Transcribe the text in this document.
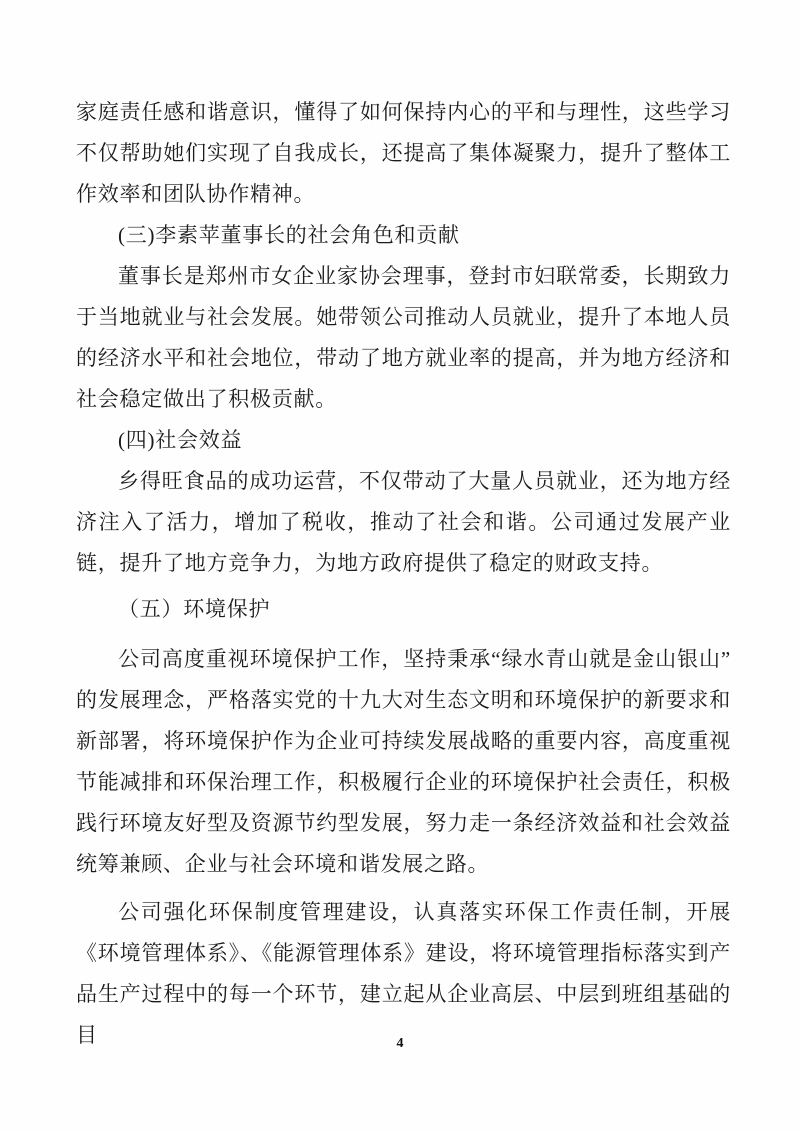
家庭责任感和谐意识，懂得了如何保持内心的平和与理性，这些学习不仅帮助她们实现了自我成长，还提高了集体凝聚力，提升了整体工作效率和团队协作精神。

(三)李素苹董事长的社会角色和贡献

董事长是郑州市女企业家协会理事，登封市妇联常委，长期致力于当地就业与社会发展。她带领公司推动人员就业，提升了本地人员的经济水平和社会地位，带动了地方就业率的提高，并为地方经济和社会稳定做出了积极贡献。

(四)社会效益

乡得旺食品的成功运营，不仅带动了大量人员就业，还为地方经济注入了活力，增加了税收，推动了社会和谐。公司通过发展产业链，提升了地方竞争力，为地方政府提供了稳定的财政支持。

（五）环境保护

公司高度重视环境保护工作，坚持秉承“绿水青山就是金山银山”的发展理念，严格落实党的十九大对生态文明和环境保护的新要求和新部署，将环境保护作为企业可持续发展战略的重要内容，高度重视节能减排和环保治理工作，积极履行企业的环境保护社会责任，积极践行环境友好型及资源节约型发展，努力走一条经济效益和社会效益统筹兼顾、企业与社会环境和谐发展之路。

公司强化环保制度管理建设，认真落实环保工作责任制，开展《环境管理体系》、《能源管理体系》建设，将环境管理指标落实到产品生产过程中的每一个环节，建立起从企业高层、中层到班组基础的目	4
